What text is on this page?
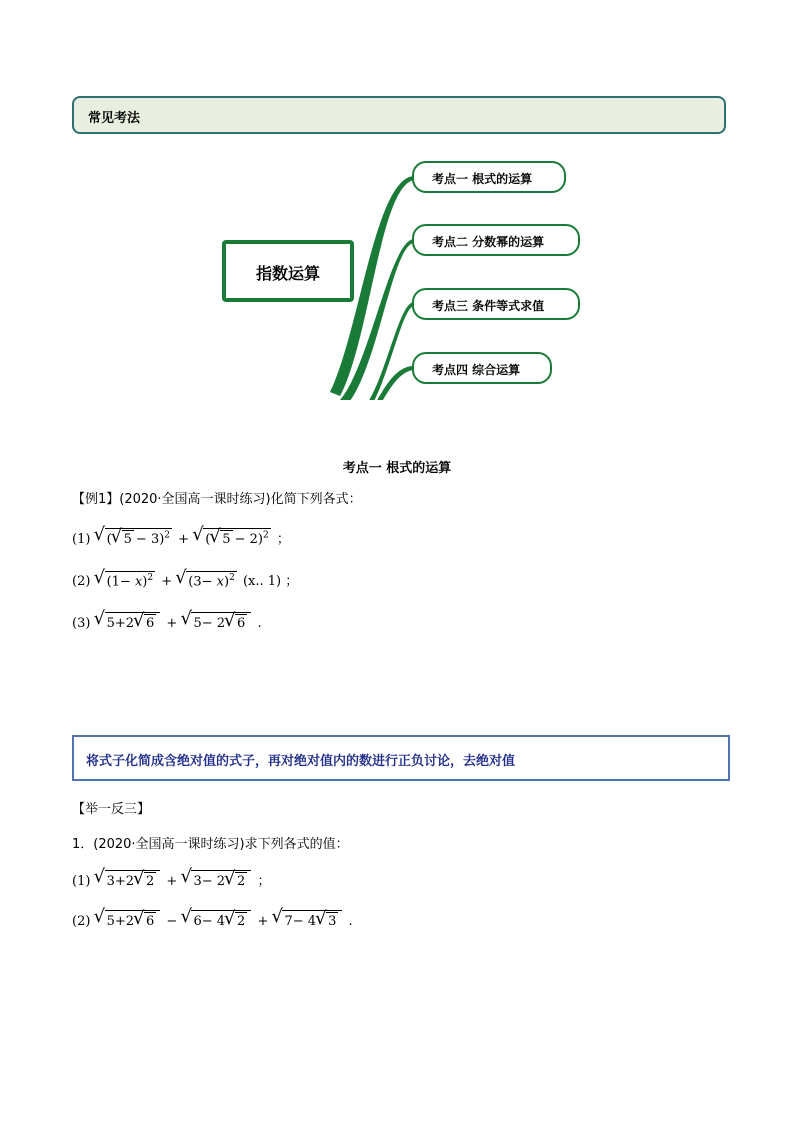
常见考法
指数运算
考点一 根式的运算
考点二 分数幂的运算
考点三 条件等式求值
考点四 综合运算
考点一 根式的运算
【例1】(2020·全国高一课时练习)化简下列各式：
(1) √ ( √ 5 − 3)$^2$ + √ ( √ 5 − 2)$^2$ ；
(2) √ $(1- x)^2$ + √ $(3- x)^2$ (x.. 1) ；
(3) √ 5+2 √ 6 + √ 5− 2 √ 6 .
将式子化简成含绝对值的式子，再对绝对值内的数进行正负讨论，去绝对值
【举一反三】
1．(2020·全国高一课时练习)求下列各式的值：
(1) √ 3+2 √ 2 + √ 3− 2 √ 2 ；
(2) √ 5+2 √ 6 − √ 6− 4 √ 2 + √ 7− 4 √ 3 .
